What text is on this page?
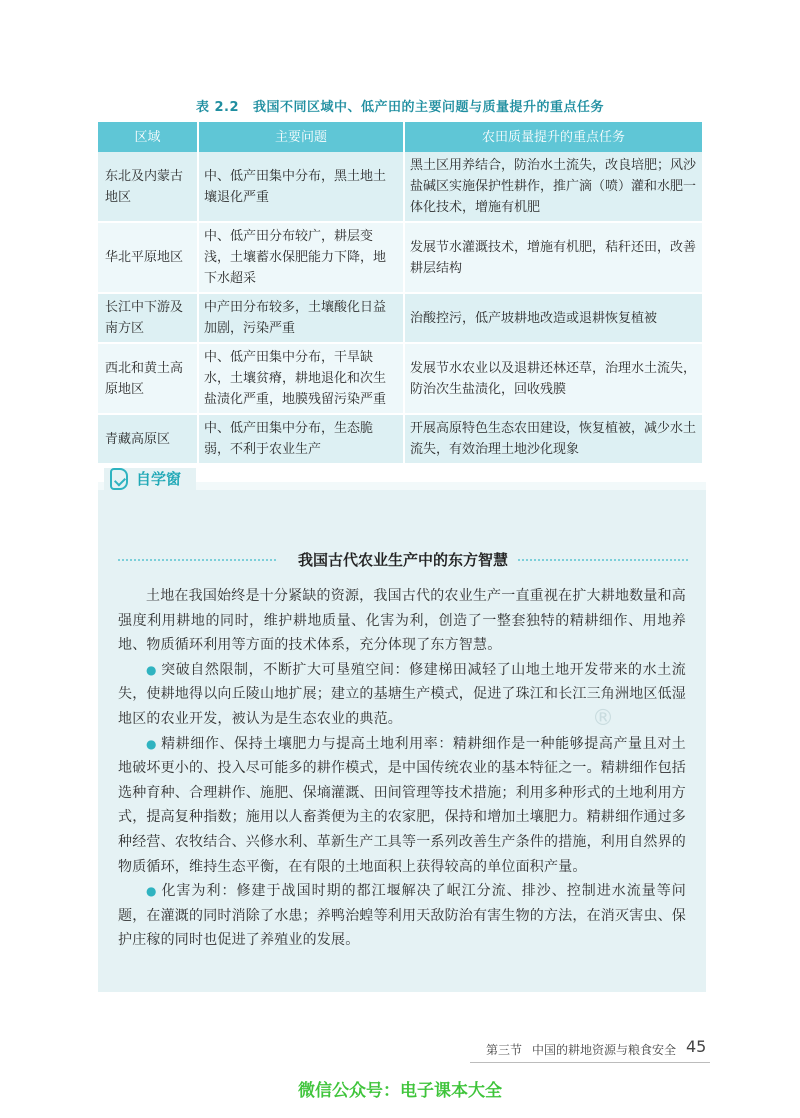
表 2.2 我国不同区域中、低产田的主要问题与质量提升的重点任务
区域	主要问题	农田质量提升的重点任务
东北及内蒙古地区	中、低产田集中分布，黑土地土壤退化严重	黑土区用养结合，防治水土流失，改良培肥；风沙盐碱区实施保护性耕作，推广滴（喷）灌和水肥一体化技术，增施有机肥
华北平原地区	中、低产田分布较广，耕层变浅，土壤蓄水保肥能力下降，地下水超采	发展节水灌溉技术，增施有机肥，秸秆还田，改善耕层结构
长江中下游及南方区	中产田分布较多，土壤酸化日益加剧，污染严重	治酸控污，低产坡耕地改造或退耕恢复植被
西北和黄土高原地区	中、低产田集中分布，干旱缺水，土壤贫瘠，耕地退化和次生盐渍化严重，地膜残留污染严重	发展节水农业以及退耕还林还草，治理水土流失，防治次生盐渍化，回收残膜
青藏高原区	中、低产田集中分布，生态脆弱，不利于农业生产	开展高原特色生态农田建设，恢复植被，减少水土流失，有效治理土地沙化现象
自学窗
我国古代农业生产中的东方智慧

土地在我国始终是十分紧缺的资源，我国古代的农业生产一直重视在扩大耕地数量和高强度利用耕地的同时，维护耕地质量、化害为利，创造了一整套独特的精耕细作、用地养地、物质循环利用等方面的技术体系，充分体现了东方智慧。

● 突破自然限制，不断扩大可垦殖空间：修建梯田减轻了山地土地开发带来的水土流失，使耕地得以向丘陵山地扩展；建立的基塘生产模式，促进了珠江和长江三角洲地区低湿地区的农业开发，被认为是生态农业的典范。

● 精耕细作、保持土壤肥力与提高土地利用率：精耕细作是一种能够提高产量且对土地破坏更小的、投入尽可能多的耕作模式，是中国传统农业的基本特征之一。精耕细作包括选种育种、合理耕作、施肥、保墒灌溉、田间管理等技术措施；利用多种形式的土地利用方式，提高复种指数；施用以人畜粪便为主的农家肥，保持和增加土壤肥力。精耕细作通过多种经营、农牧结合、兴修水利、革新生产工具等一系列改善生产条件的措施，利用自然界的物质循环，维持生态平衡，在有限的土地面积上获得较高的单位面积产量。

● 化害为利：修建于战国时期的都江堰解决了岷江分流、排沙、控制进水流量等问题，在灌溉的同时消除了水患；养鸭治蝗等利用天敌防治有害生物的方法，在消灭害虫、保护庄稼的同时也促进了养殖业的发展。

®
第三节 中国的耕地资源与粮食安全 45
微信公众号：电子课本大全
